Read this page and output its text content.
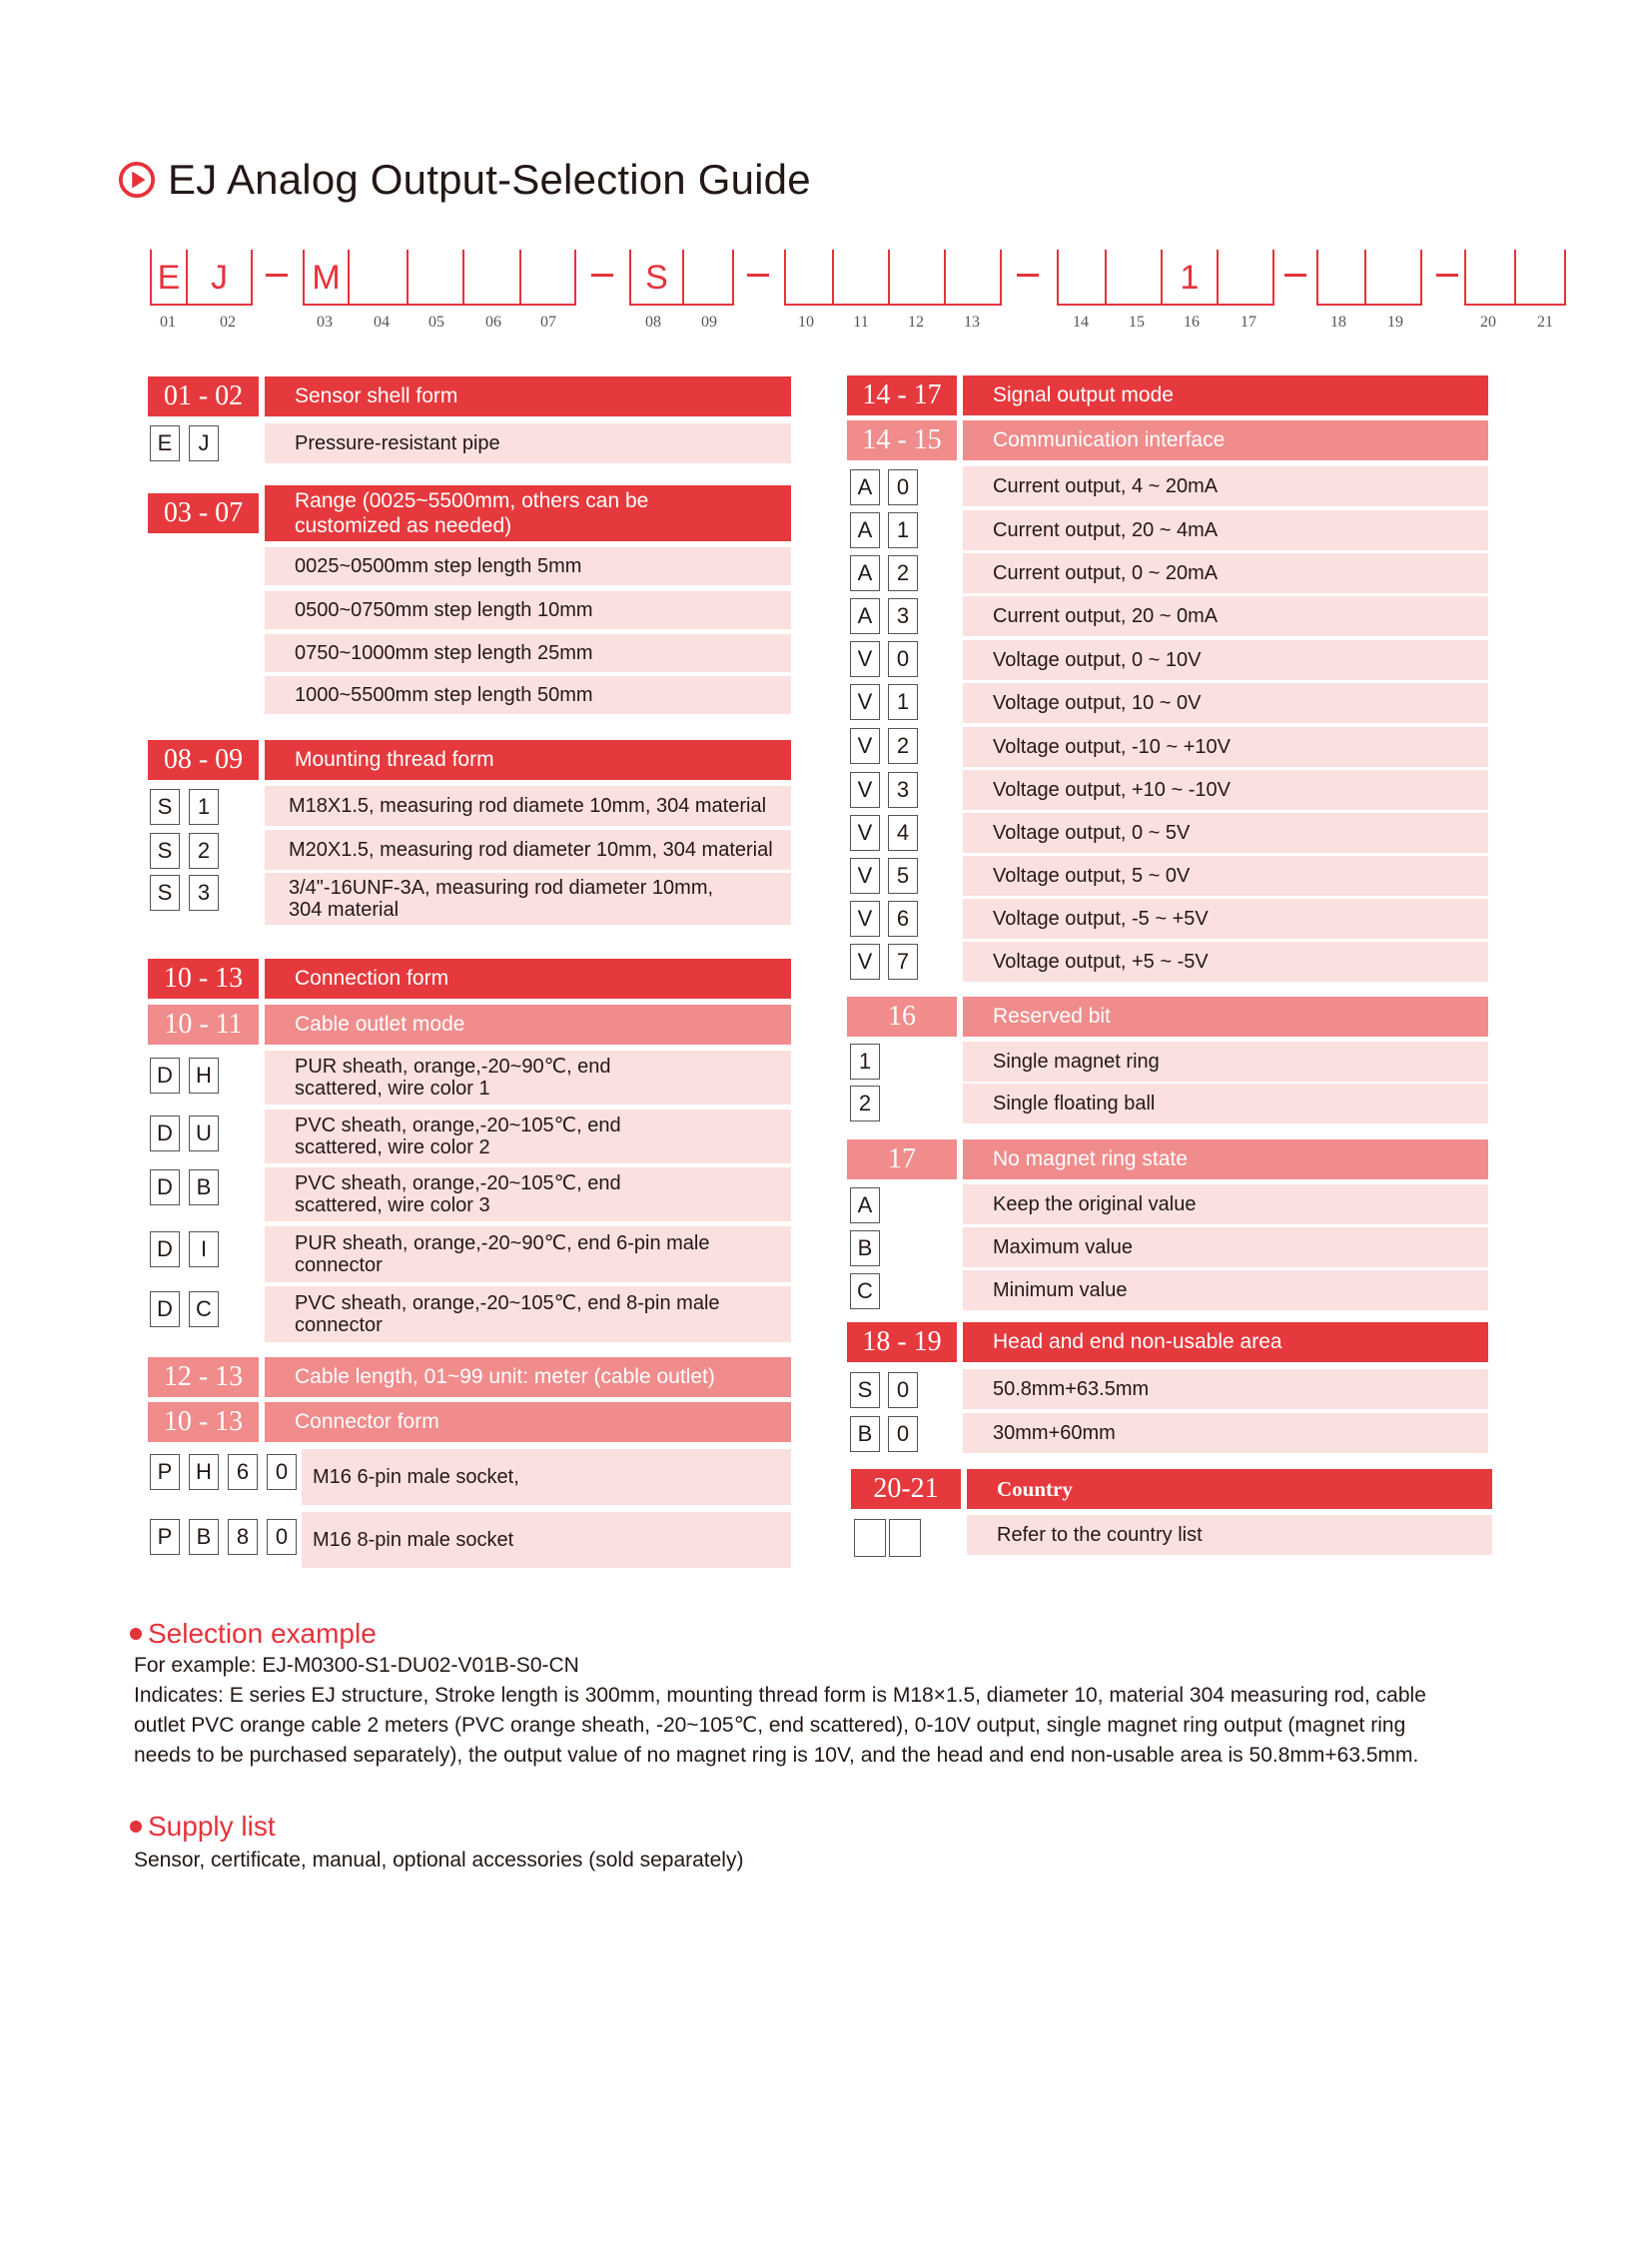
EJ Analog Output-Selection Guide
E J	M	S	1
01	02	03	04	05	06	07	08	09	10	11	12	13	14	15	16	17	18	19	20	21
01 - 02	Sensor shell form
E	J	Pressure-resistant pipe
03 - 07	Range (0025~5500mm, others can be
customized as needed)
0025~0500mm step length 5mm
0500~0750mm step length 10mm
0750~1000mm step length 25mm
1000~5500mm step length 50mm
08 - 09	Mounting thread form
S	1	M18X1.5, measuring rod diamete 10mm, 304 material
S	2	M20X1.5, measuring rod diameter 10mm, 304 material
S	3	3/4"-16UNF-3A, measuring rod diameter 10mm,
304 material
10 - 13	Connection form
10 - 11	Cable outlet mode
D	H	PUR sheath, orange,-20~90℃, end
scattered, wire color 1
D	U	PVC sheath, orange,-20~105℃, end
scattered, wire color 2
D	B	PVC sheath, orange,-20~105℃, end
scattered, wire color 3
D	I	PUR sheath, orange,-20~90℃, end 6-pin male
connector
D	C	PVC sheath, orange,-20~105℃, end 8-pin male
connector
12 - 13	Cable length, 01~99 unit: meter (cable outlet)
10 - 13	Connector form
P	H	6	0	M16 6-pin male socket,
P	B	8	0	M16 8-pin male socket
14 - 17	Signal output mode
14 - 15	Communication interface
A	0	Current output, 4 ~ 20mA
A	1	Current output, 20 ~ 4mA
A	2	Current output, 0 ~ 20mA
A	3	Current output, 20 ~ 0mA
V	0	Voltage output, 0 ~ 10V
V	1	Voltage output, 10 ~ 0V
V	2	Voltage output, -10 ~ +10V
V	3	Voltage output, +10 ~ -10V
V	4	Voltage output, 0 ~ 5V
V	5	Voltage output, 5 ~ 0V
V	6	Voltage output, -5 ~ +5V
V	7	Voltage output, +5 ~ -5V
16	Reserved bit
1	Single magnet ring
2	Single floating ball
17	No magnet ring state
A	Keep the original value
B	Maximum value
C	Minimum value
18 - 19	Head and end non-usable area
S	0	50.8mm+63.5mm
B	0	30mm+60mm
20-21	Country
Refer to the country list
Selection example
For example: EJ-M0300-S1-DU02-V01B-S0-CN
Indicates: E series EJ structure, Stroke length is 300mm, mounting thread form is M18×1.5, diameter 10, material 304 measuring rod, cable
outlet PVC orange cable 2 meters (PVC orange sheath, -20~105℃, end scattered), 0-10V output, single magnet ring output (magnet ring
needs to be purchased separately), the output value of no magnet ring is 10V, and the head and end non-usable area is 50.8mm+63.5mm.
Supply list
Sensor, certificate, manual, optional accessories (sold separately)
